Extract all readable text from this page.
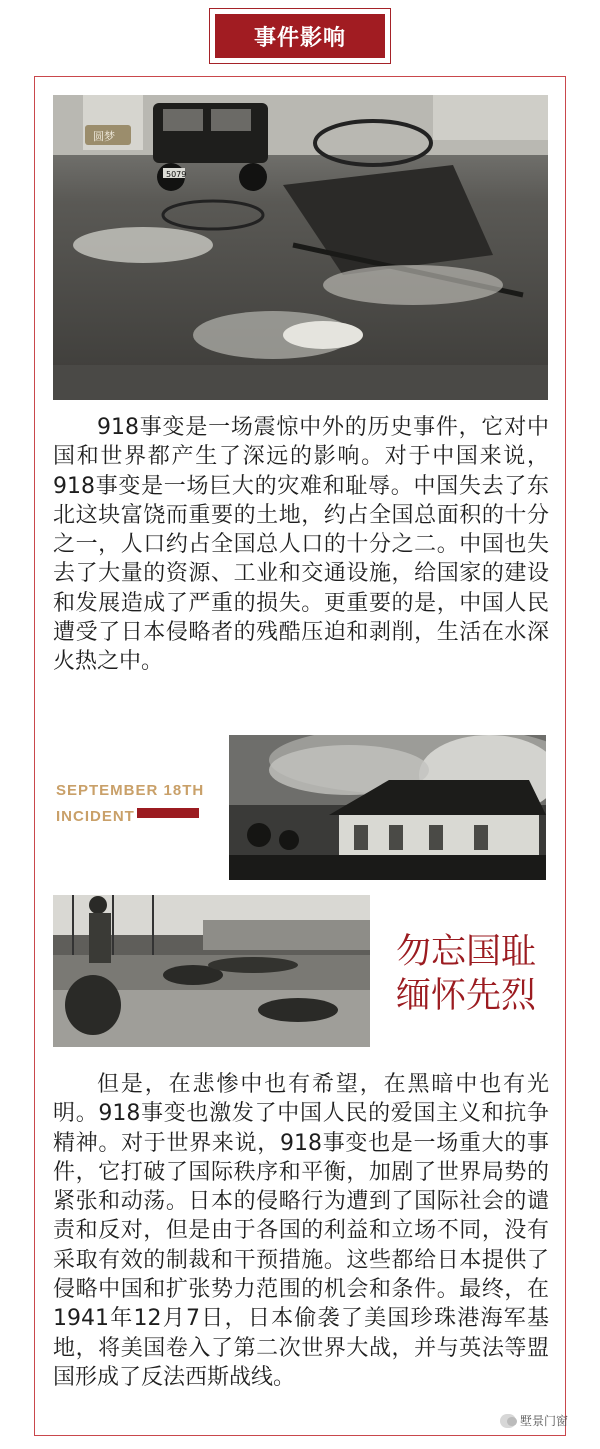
事件影响
5079
圆梦

918事变是一场震惊中外的历史事件，它对中国和世界都产生了深远的影响。对于中国来说，918事变是一场巨大的灾难和耻辱。中国失去了东北这块富饶而重要的土地，约占全国总面积的十分之一，人口约占全国总人口的十分之二。中国也失去了大量的资源、工业和交通设施，给国家的建设和发展造成了严重的损失。更重要的是，中国人民遭受了日本侵略者的残酷压迫和剥削，生活在水深火热之中。

SEPTEMBER 18TH
INCIDENT
勿忘国耻
缅怀先烈

但是，在悲惨中也有希望，在黑暗中也有光明。918事变也激发了中国人民的爱国主义和抗争精神。对于世界来说，918事变也是一场重大的事件，它打破了国际秩序和平衡，加剧了世界局势的紧张和动荡。日本的侵略行为遭到了国际社会的谴责和反对，但是由于各国的利益和立场不同，没有采取有效的制裁和干预措施。这些都给日本提供了侵略中国和扩张势力范围的机会和条件。最终，在1941年12月7日，日本偷袭了美国珍珠港海军基地，将美国卷入了第二次世界大战，并与英法等盟国形成了反法西斯战线。

墅景门窗
